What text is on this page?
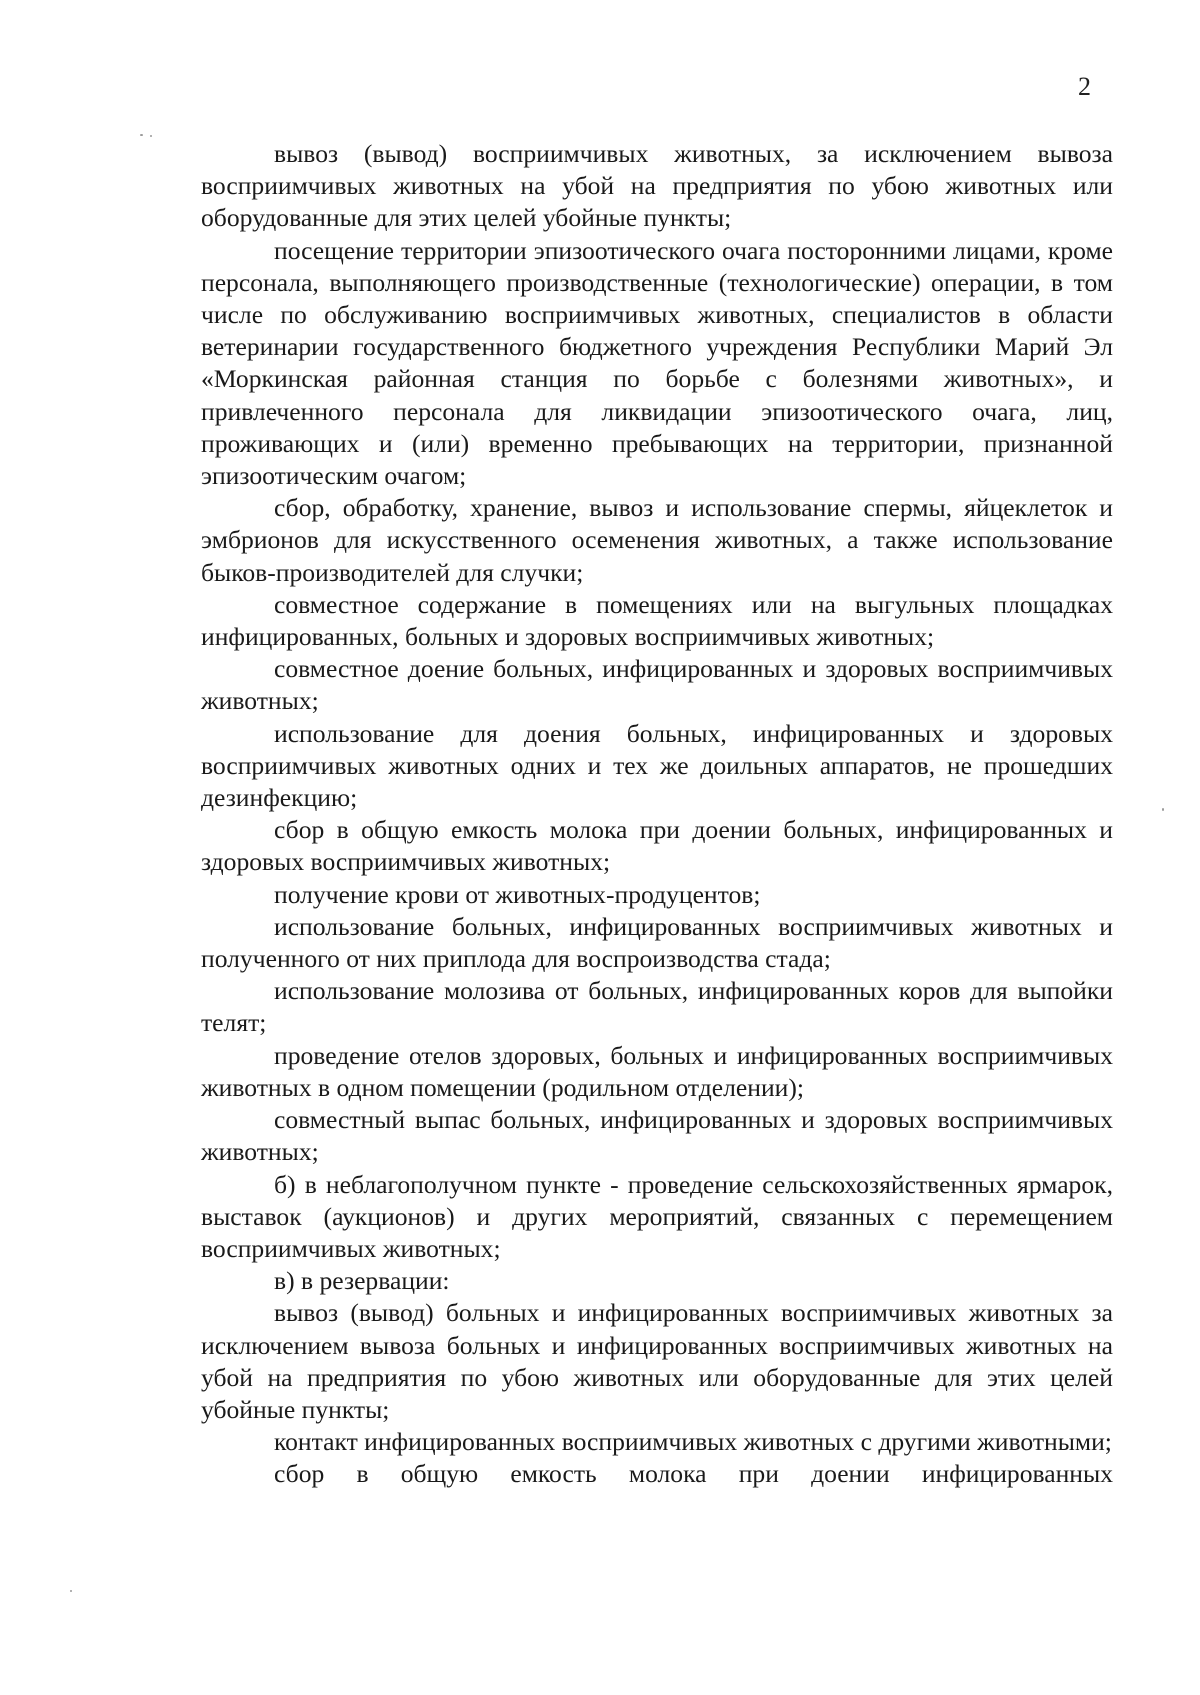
2

вывоз (вывод) восприимчивых животных, за исключением вывоза восприимчивых животных на убой на предприятия по убою животных или оборудованные для этих целей убойные пункты;

посещение территории эпизоотического очага посторонними лицами, кроме персонала, выполняющего производственные (технологические) операции, в том числе по обслуживанию восприимчивых животных, специалистов в области ветеринарии государственного бюджетного учреждения Республики Марий Эл «Моркинская районная станция по борьбе с болезнями животных», и привлеченного персонала для ликвидации эпизоотического очага, лиц, проживающих и (или) временно пребывающих на территории, признанной эпизоотическим очагом;

сбор, обработку, хранение, вывоз и использование спермы, яйцеклеток и эмбрионов для искусственного осеменения животных, а также использование быков-производителей для случки;

совместное содержание в помещениях или на выгульных площадках инфицированных, больных и здоровых восприимчивых животных;

совместное доение больных, инфицированных и здоровых восприимчивых животных;

использование для доения больных, инфицированных и здоровых восприимчивых животных одних и тех же доильных аппаратов, не прошедших дезинфекцию;

сбор в общую емкость молока при доении больных, инфицированных и здоровых восприимчивых животных;

получение крови от животных-продуцентов;

использование больных, инфицированных восприимчивых животных и полученного от них приплода для воспроизводства стада;

использование молозива от больных, инфицированных коров для выпойки телят;

проведение отелов здоровых, больных и инфицированных восприимчивых животных в одном помещении (родильном отделении);

совместный выпас больных, инфицированных и здоровых восприимчивых животных;

б) в неблагополучном пункте - проведение сельскохозяйственных ярмарок, выставок (аукционов) и других мероприятий, связанных с перемещением восприимчивых животных;

в) в резервации:

вывоз (вывод) больных и инфицированных восприимчивых животных за исключением вывоза больных и инфицированных восприимчивых животных на убой на предприятия по убою животных или оборудованные для этих целей убойные пункты;

контакт инфицированных восприимчивых животных с другими животными;

сбор в общую емкость молока при доении инфицированных
